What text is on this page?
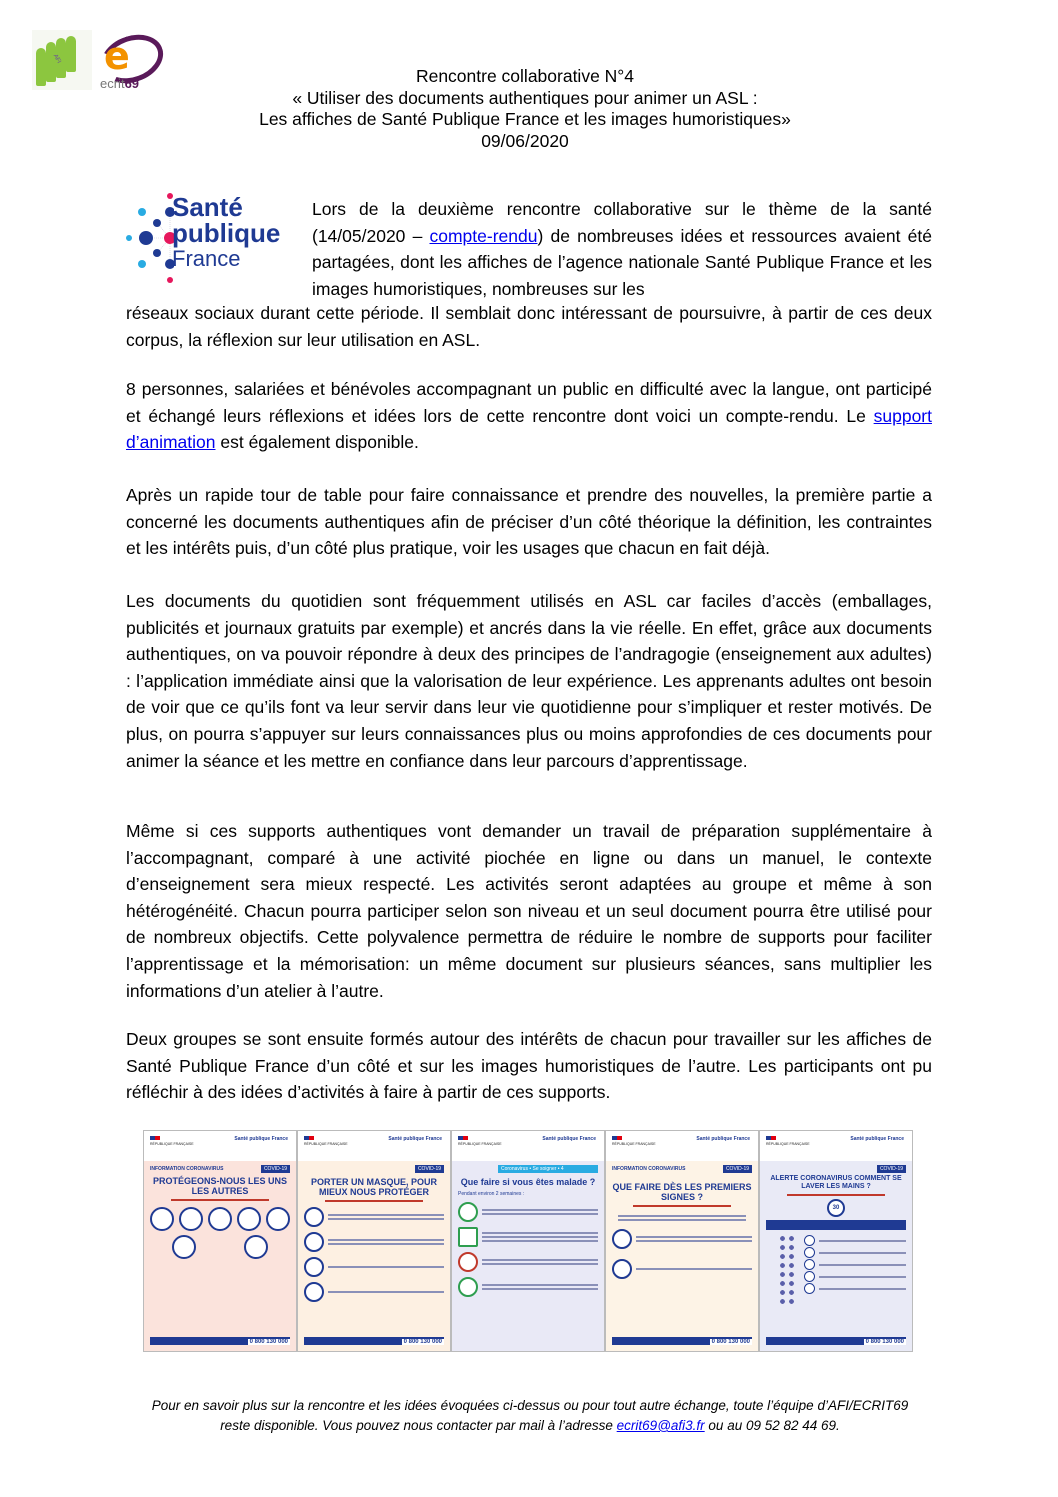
AFI e
ecrit69	Rencontre collaborative N°4
« Utiliser des documents authentiques pour animer un ASL :
Les affiches de Santé Publique France et les images humoristiques»
09/06/2020
Santé
publique
France
Lors de la deuxième rencontre collaborative sur le thème de la santé (14/05/2020 – compte-rendu) de nombreuses idées et ressources avaient été partagées, dont les affiches de l’agence nationale Santé Publique France et les images humoristiques, nombreuses sur les
réseaux sociaux durant cette période. Il semblait donc intéressant de poursuivre, à partir de ces deux corpus, la réflexion sur leur utilisation en ASL.
8 personnes, salariées et bénévoles accompagnant un public en difficulté avec la langue, ont participé et échangé leurs réflexions et idées lors de cette rencontre dont voici un compte-rendu. Le support d’animation est également disponible.
Après un rapide tour de table pour faire connaissance et prendre des nouvelles, la première partie a concerné les documents authentiques afin de préciser d’un côté théorique la définition, les contraintes et les intérêts puis, d’un côté plus pratique, voir les usages que chacun en fait déjà.
Les documents du quotidien sont fréquemment utilisés en ASL car faciles d’accès (emballages, publicités et journaux gratuits par exemple) et ancrés dans la vie réelle. En effet, grâce aux documents authentiques, on va pouvoir répondre à deux des principes de l’andragogie (enseignement aux adultes) : l’application immédiate ainsi que la valorisation de leur expérience. Les apprenants adultes ont besoin de voir que ce qu’ils font va leur servir dans leur vie quotidienne pour s’impliquer et rester motivés. De plus, on pourra s’appuyer sur leurs connaissances plus ou moins approfondies de ces documents pour animer la séance et les mettre en confiance dans leur parcours d’apprentissage.
Même si ces supports authentiques vont demander un travail de préparation supplémentaire à l’accompagnant, comparé à une activité piochée en ligne ou dans un manuel, le contexte d’enseignement sera mieux respecté. Les activités seront adaptées au groupe et même à son hétérogénéité. Chacun pourra participer selon son niveau et un seul document pourra être utilisé pour de nombreux objectifs. Cette polyvalence permettra de réduire le nombre de supports pour faciliter l’apprentissage et la mémorisation: un même document sur plusieurs séances, sans multiplier les informations d’un atelier à l’autre.
Deux groupes se sont ensuite formés autour des intérêts de chacun pour travailler sur les affiches de Santé Publique France d’un côté et sur les images humoristiques de l’autre. Les participants ont pu réfléchir à des idées d’activités à faire à partir de ces supports.
RÉPUBLIQUE FRANÇAISE
Santé publique France
INFORMATION CORONAVIRUS	COVID-19
PROTÉGEONS-NOUS LES UNS LES AUTRES
0 800 130 000
RÉPUBLIQUE FRANÇAISE
Santé publique France
COVID-19
PORTER UN MASQUE, POUR MIEUX NOUS PROTÉGER
0 800 130 000
RÉPUBLIQUE FRANÇAISE
Santé publique France
Coronavirus • Se soigner • 4
Que faire si vous êtes malade ?
Pendant environ 2 semaines :
RÉPUBLIQUE FRANÇAISE
Santé publique France
INFORMATION CORONAVIRUS	COVID-19
QUE FAIRE DÈS LES PREMIERS SIGNES ?
0 800 130 000
RÉPUBLIQUE FRANÇAISE
Santé publique France
COVID-19
ALERTE CORONAVIRUS COMMENT SE LAVER LES MAINS ?
30
0 800 130 000
Pour en savoir plus sur la rencontre et les idées évoquées ci-dessus ou pour tout autre échange, toute l’équipe d’AFI/ECRIT69
reste disponible. Vous pouvez nous contacter par mail à l’adresse ecrit69@afi3.fr ou au 09 52 82 44 69.
